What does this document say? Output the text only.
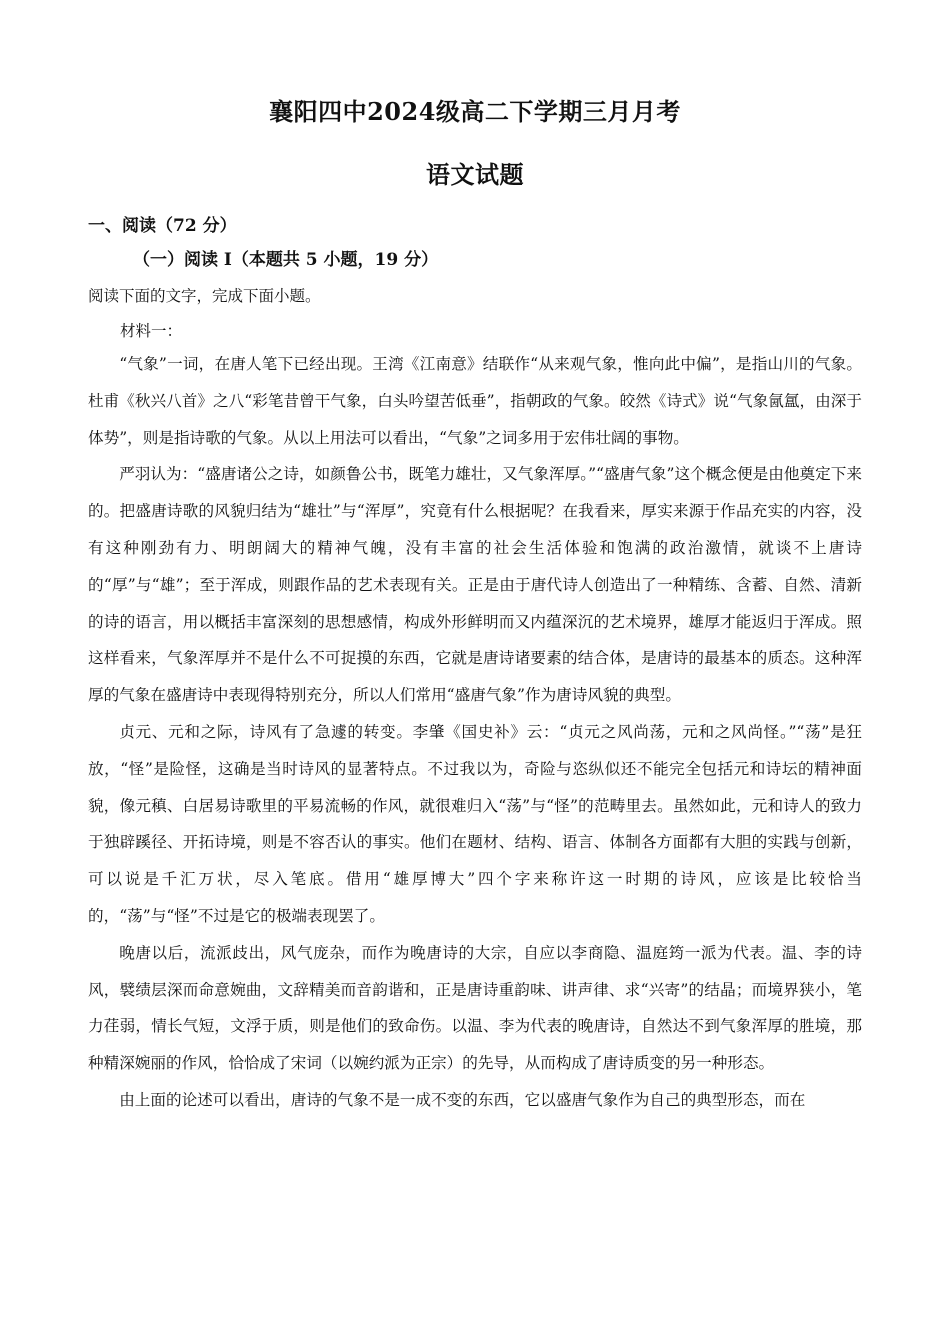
襄阳四中2024级高二下学期三月月考
语文试题
一、阅读（72 分）
（一）阅读 Ⅰ（本题共 5 小题，19 分）
阅读下面的文字，完成下面小题。
材料一：

“气象”一词，在唐人笔下已经出现。王湾《江南意》结联作“从来观气象，惟向此中偏”，是指山川的气象。杜甫《秋兴八首》之八“彩笔昔曾干气象，白头吟望苦低垂”，指朝政的气象。皎然《诗式》说“气象氤氲，由深于体势”，则是指诗歌的气象。从以上用法可以看出，“气象”之词多用于宏伟壮阔的事物。

严羽认为：“盛唐诸公之诗，如颜鲁公书，既笔力雄壮，又气象浑厚。”“盛唐气象”这个概念便是由他奠定下来的。把盛唐诗歌的风貌归结为“雄壮”与“浑厚”，究竟有什么根据呢？在我看来，厚实来源于作品充实的内容，没有这种刚劲有力、明朗阔大的精神气魄，没有丰富的社会生活体验和饱满的政治激情，就谈不上唐诗的“厚”与“雄”；至于浑成，则跟作品的艺术表现有关。正是由于唐代诗人创造出了一种精练、含蓄、自然、清新的诗的语言，用以概括丰富深刻的思想感情，构成外形鲜明而又内蕴深沉的艺术境界，雄厚才能返归于浑成。照这样看来，气象浑厚并不是什么不可捉摸的东西，它就是唐诗诸要素的结合体，是唐诗的最基本的质态。这种浑厚的气象在盛唐诗中表现得特别充分，所以人们常用“盛唐气象”作为唐诗风貌的典型。

贞元、元和之际，诗风有了急遽的转变。李肇《国史补》云：“贞元之风尚荡，元和之风尚怪。”“荡”是狂放，“怪”是险怪，这确是当时诗风的显著特点。不过我以为，奇险与恣纵似还不能完全包括元和诗坛的精神面貌，像元稹、白居易诗歌里的平易流畅的作风，就很难归入“荡”与“怪”的范畴里去。虽然如此，元和诗人的致力于独辟蹊径、开拓诗境，则是不容否认的事实。他们在题材、结构、语言、体制各方面都有大胆的实践与创新，可以说是千汇万状，尽入笔底。借用“雄厚博大”四个字来称许这一时期的诗风，应该是比较恰当的，“荡”与“怪”不过是它的极端表现罢了。

晚唐以后，流派歧出，风气庞杂，而作为晚唐诗的大宗，自应以李商隐、温庭筠一派为代表。温、李的诗风，襞绩层深而命意婉曲，文辞精美而音韵谐和，正是唐诗重韵味、讲声律、求“兴寄”的结晶；而境界狭小，笔力荏弱，情长气短，文浮于质，则是他们的致命伤。以温、李为代表的晚唐诗，自然达不到气象浑厚的胜境，那种精深婉丽的作风，恰恰成了宋词（以婉约派为正宗）的先导，从而构成了唐诗质变的另一种形态。

由上面的论述可以看出，唐诗的气象不是一成不变的东西，它以盛唐气象作为自己的典型形态，而在
